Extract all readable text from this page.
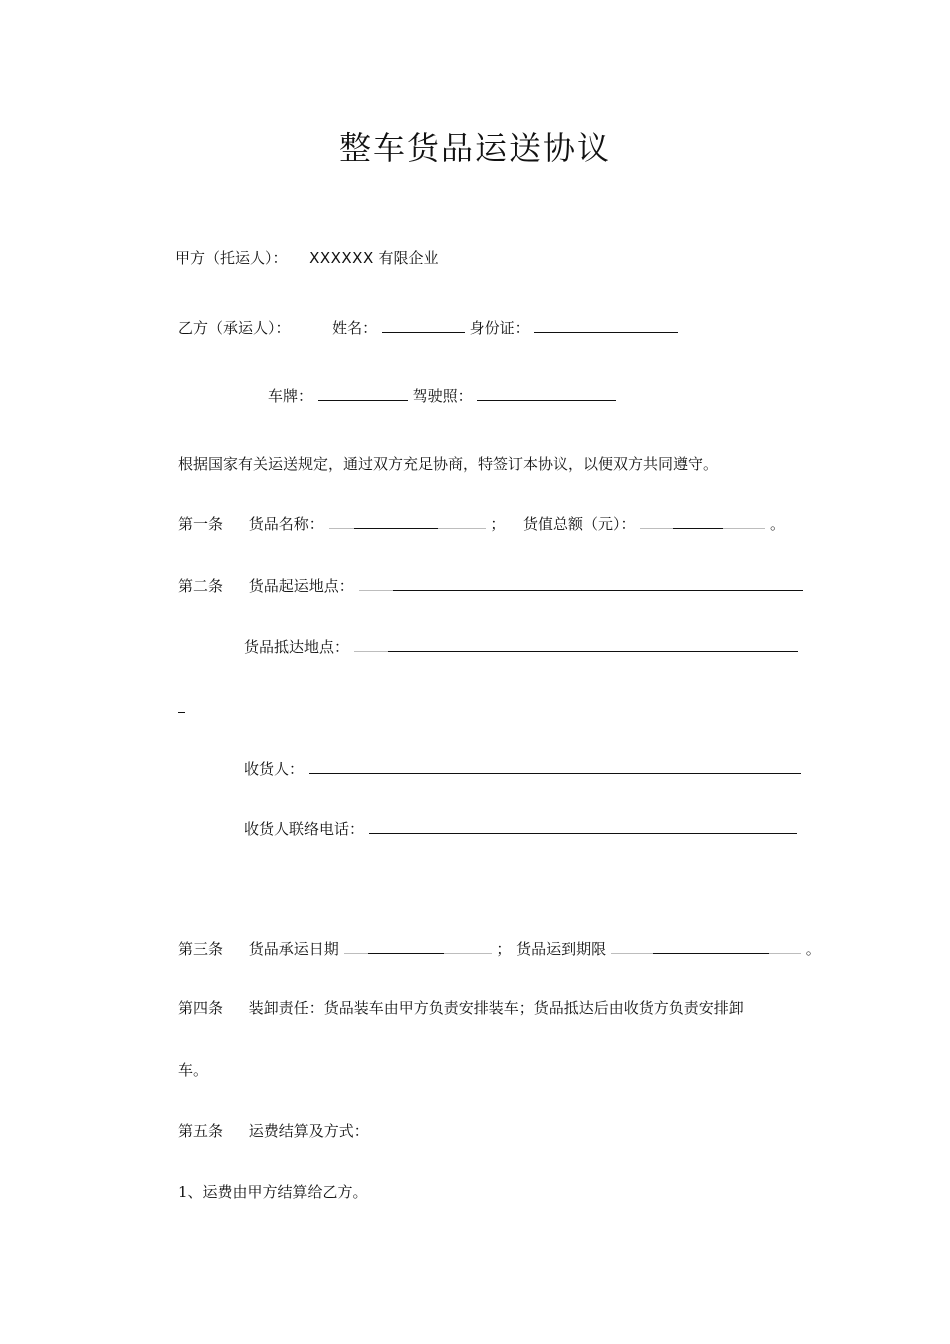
整车货品运送协议
甲方（托运人）： XXXXXX 有限企业
乙方（承运人）：	姓名：	身份证：
车牌：	驾驶照：
根据国家有关运送规定，通过双方充足协商，特签订本协议，以便双方共同遵守。
第一条 货品名称：	； 货值总额（元）：	。
第二条 货品起运地点：
货品抵达地点：
收货人：
收货人联络电话：
第三条 货品承运日期	； 货品运到期限	。
第四条 装卸责任：货品装车由甲方负责安排装车；货品抵达后由收货方负责安排卸
车。
第五条 运费结算及方式：
1、运费由甲方结算给乙方。
